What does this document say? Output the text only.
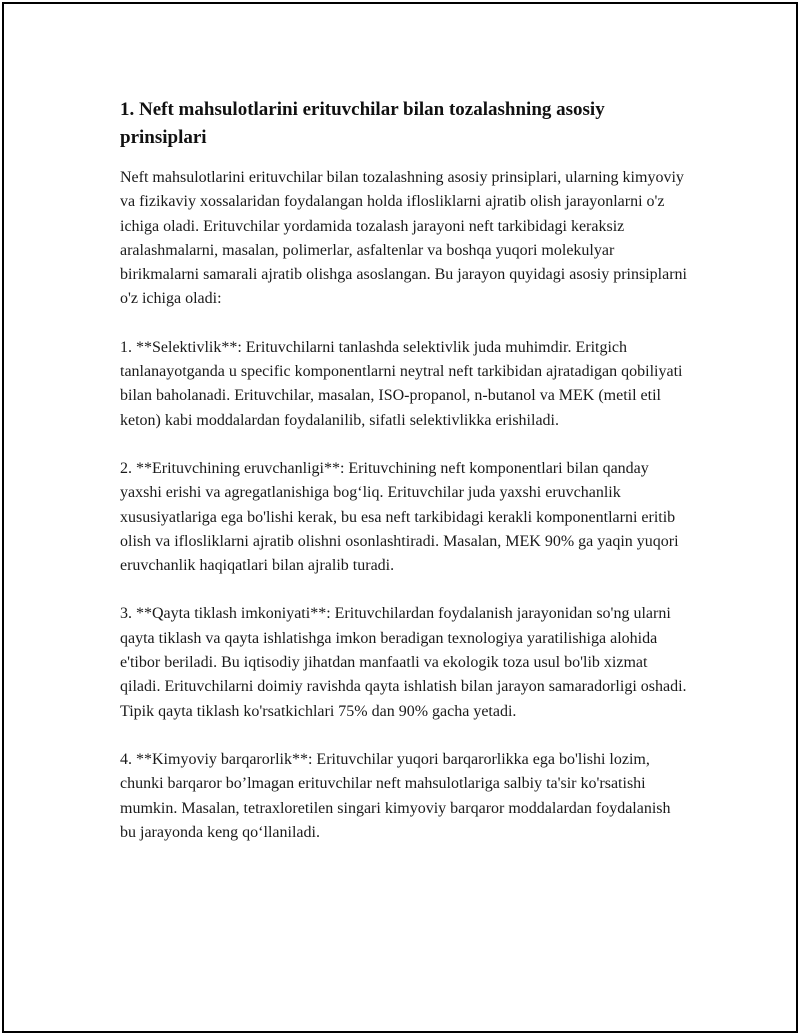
1. Neft mahsulotlarini erituvchilar bilan tozalashning asosiy prinsiplari

Neft mahsulotlarini erituvchilar bilan tozalashning asosiy prinsiplari, ularning kimyoviy va fizikaviy xossalaridan foydalangan holda iflosliklarni ajratib olish jarayonlarni o'z ichiga oladi. Erituvchilar yordamida tozalash jarayoni neft tarkibidagi keraksiz aralashmalarni, masalan, polimerlar, asfaltenlar va boshqa yuqori molekulyar birikmalarni samarali ajratib olishga asoslangan. Bu jarayon quyidagi asosiy prinsiplarni o'z ichiga oladi:

1. **Selektivlik**: Erituvchilarni tanlashda selektivlik juda muhimdir. Eritgich tanlanayotganda u specific komponentlarni neytral neft tarkibidan ajratadigan qobiliyati bilan baholanadi. Erituvchilar, masalan, ISO-propanol, n-butanol va MEK (metil etil keton) kabi moddalardan foydalanilib, sifatli selektivlikka erishiladi.

2. **Erituvchining eruvchanligi**: Erituvchining neft komponentlari bilan qanday yaxshi erishi va agregatlanishiga bog‘liq. Erituvchilar juda yaxshi eruvchanlik xususiyatlariga ega bo'lishi kerak, bu esa neft tarkibidagi kerakli komponentlarni eritib olish va iflosliklarni ajratib olishni osonlashtiradi. Masalan, MEK 90% ga yaqin yuqori eruvchanlik haqiqatlari bilan ajralib turadi.

3. **Qayta tiklash imkoniyati**: Erituvchilardan foydalanish jarayonidan so'ng ularni qayta tiklash va qayta ishlatishga imkon beradigan texnologiya yaratilishiga alohida e'tibor beriladi. Bu iqtisodiy jihatdan manfaatli va ekologik toza usul bo'lib xizmat qiladi. Erituvchilarni doimiy ravishda qayta ishlatish bilan jarayon samaradorligi oshadi. Tipik qayta tiklash ko'rsatkichlari 75% dan 90% gacha yetadi.

4. **Kimyoviy barqarorlik**: Erituvchilar yuqori barqarorlikka ega bo'lishi lozim, chunki barqaror bo’lmagan erituvchilar neft mahsulotlariga salbiy ta'sir ko'rsatishi mumkin. Masalan, tetraxloretilen singari kimyoviy barqaror moddalardan foydalanish bu jarayonda keng qo‘llaniladi.
